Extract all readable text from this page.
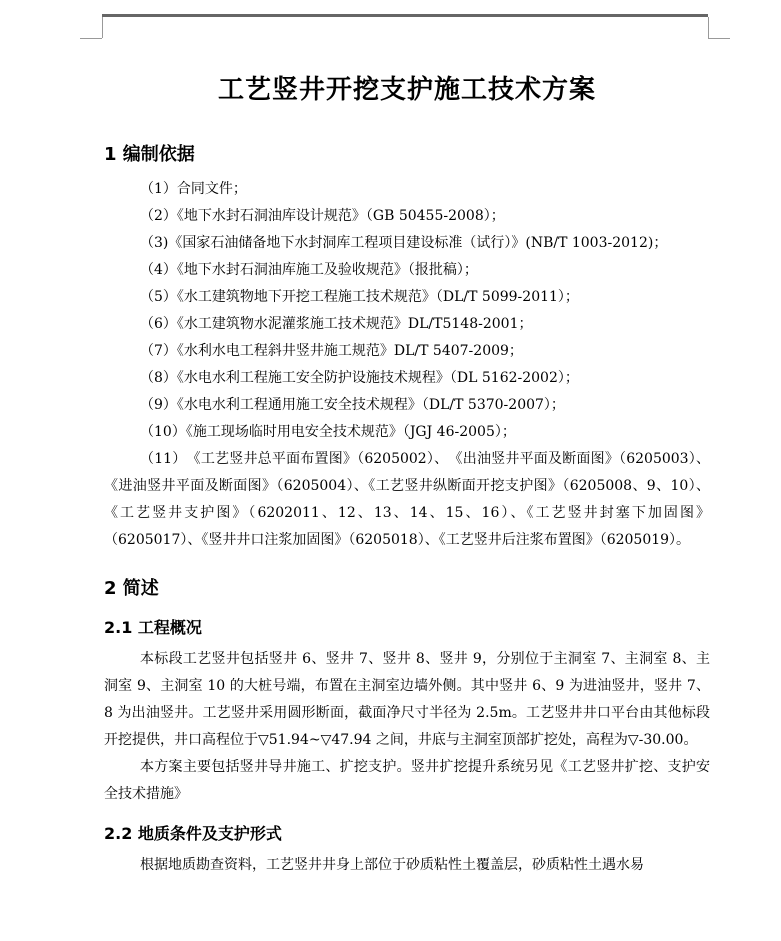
工艺竖井开挖支护施工技术方案
1 编制依据
（1）合同文件；
（2）《地下水封石洞油库设计规范》（GB 50455-2008）；
（3)《国家石油储备地下水封洞库工程项目建设标准（试行）》(NB/T 1003-2012)；
（4）《地下水封石洞油库施工及验收规范》（报批稿）；
（5）《水工建筑物地下开挖工程施工技术规范》（DL/T 5099-2011）；
（6）《水工建筑物水泥灌浆施工技术规范》DL/T5148-2001；
（7）《水利水电工程斜井竖井施工规范》DL/T 5407-2009；
（8）《水电水利工程施工安全防护设施技术规程》（DL 5162-2002）；
（9）《水电水利工程通用施工安全技术规程》（DL/T 5370-2007）；
（10）《施工现场临时用电安全技术规范》（JGJ 46-2005）；
（11）　《工艺竖井总平面布置图》（6205002）、　《出油竖井平面及断面图》（6205003）、《进油竖井平面及断面图》（6205004）、《工艺竖井纵断面开挖支护图》（6205008、9、10）、《工艺竖井支护图》（6202011、12、13、14、15、16）、《工艺竖井封塞下加固图》（6205017）、《竖井井口注浆加固图》（6205018）、《工艺竖井后注浆布置图》（6205019）。
2 简述
2.1 工程概况

本标段工艺竖井包括竖井 6、竖井 7、竖井 8、竖井 9，分别位于主洞室 7、主洞室 8、主洞室 9、主洞室 10 的大桩号端，布置在主洞室边墙外侧。其中竖井 6、9 为进油竖井，竖井 7、8 为出油竖井。工艺竖井采用圆形断面，截面净尺寸半径为 2.5m。工艺竖井井口平台由其他标段开挖提供，井口高程位于▽51.94~▽47.94 之间，井底与主洞室顶部扩挖处，高程为▽-30.00。

本方案主要包括竖井导井施工、扩挖支护。竖井扩挖提升系统另见《工艺竖井扩挖、支护安全技术措施》

2.2 地质条件及支护形式

根据地质勘查资料，工艺竖井井身上部位于砂质粘性土覆盖层，砂质粘性土遇水易
